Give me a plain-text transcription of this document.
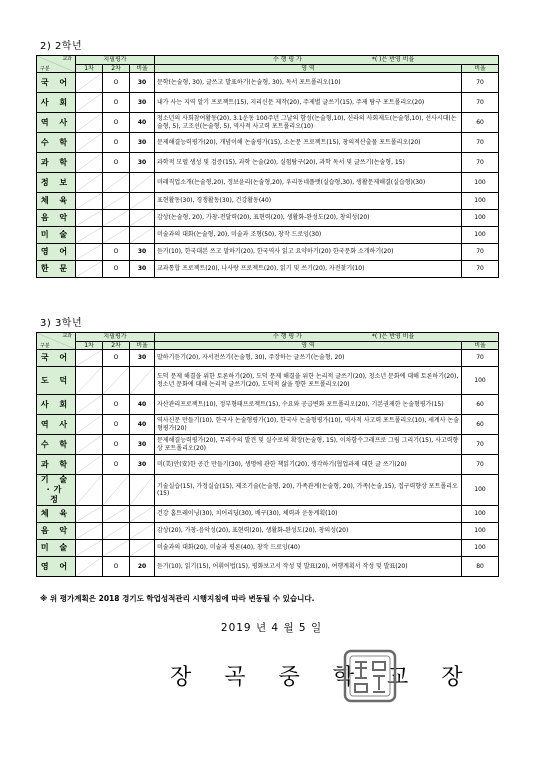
2) 2학년
교과
구분	지필평가			수 행 평 가 *( )은 반영 비율	
	1차	2차	비율	영 역	비율
국 어		O	30	문학(논술형, 30), 글쓰고 발표하기(논술형, 30), 독서 포트폴리오(10)	70
사 회		O	30	내가 사는 지역 알기 프로젝트(15), 지리신문 제작(20), 주제별 글쓰기(15), 주제 탐구 포트폴리오(20)	70
역 사		O	40	청소년의 사회참여활동(20), 3.1운동 100주년 그날의 함성(논술형,10), 신라의 사회제도(논술형,10), 선사시대(논술형, 5), 고조선(논술형, 5), 역사적 사고력 포트폴리오(10)	60
수 학		O	30	문제해결능력평가(20), 개념이해 논술평가(15), 소논문 프로젝트(15), 창의적산출물 포트폴리오(20)	70
과 학		O	30	과학적 모델 생성 및 검증(15), 과학 논술(20), 실험탐구(20), 과학 독서 및 글쓰기(논술형, 15)	70
정 보				미래직업소개(논술형,20), 정보윤리(논술형,20), 우리동네플랫(실습형,30), 생활문제해결(실습형)(30)	100
체 육				표현활동(30), 경쟁활동(30), 건강활동(40)	100
음 악				감상(논술형, 20), 가창-전달력(20), 표현력(20), 생활화-완성도(20), 창의성(20)	100
미 술				미술과의 대화(논술형, 20), 미술과 조형(50), 창작 드로잉(30)	100
영 어		O	30	듣기(10), 한국대본 쓰고 말하기(20), 한국역사 읽고 요약하기(20) 한국문화 소개하기(20)	70
한 문		O	30	교과통합 프로젝트(20), 나사랑 프로젝트(20), 읽기 및 쓰기(20), 자전찾기(10)	70
3) 3학년
교과
구분	지필평가			수 행 평 가 *( )은 반영 비율	
	1차	2차	비율	영 역	비율
국 어		O	30	말하기듣기(20), 자서전쓰기(논술형, 30), 주장하는 글쓰기(논술형, 20)	70
도 덕				도덕 문제 해결을 위한 토론하기(20), 도덕 문제 해결을 위한 논리적 글쓰기(20), 청소년 문화에 대해 토론하기(20), 청소년 문화에 대해 논리적 글쓰기(20), 도덕적 삶을 향한 포트폴리오(20)	100
사 회		O	40	자산관리프로젝트(10), 정부형태프로젝트(15), 수요와 공급변화 포트폴리오(20), 기본권제한 논술형평가(15)	60
역 사		O	40	역사신문 만들기(10), 한국사 논술형평가(10), 한국사 논술형평가(10), 역사적 사고력 포트폴리오(10), 세계사 논술형평가(20)	60
수 학		O	30	문제해결능력평가(20), 무리수의 발견 및 실수로의 확장(논술형, 15), 이차함수그래프로 그림 그리기(15), 사고력향상 포트폴리오(20)	70
과 학		O	30	미(美)안(安)한 공간 만들기(30), 생명에 관한 책읽기(20), 생각하기(협업과제 대한 글 쓰기(20)	70
기 술·가 정				기술실습(15), 가정실습(15), 제조기술(논술형, 20), 가족관계(논술형, 20), 가족(논술,15), 접구력향상 포트폴리오(15)	100
체 육				건강 홈트레이닝(30), 치어리딩(30), 배구(30), 체력과 운동계획(10)	100
음 악				감상(20), 가창-음악성(20), 표현력(20), 생활화-완성도(20), 창의성(20)	100
미 술				미술과의 대화(20), 미술과 평론(40), 창작 드로잉(40)	100
영 어		O	20	듣기(10), 읽기(15), 어휘어법(15), 평화보고서 작성 및 발표(20), 여행계획서 작성 및 발표(20)	80
※ 위 평가계획은 2018 경기도 학업성적관리 시행지침에 따라 변동될 수 있습니다.
2019 년 4 월 5 일
장 곡 중 학 교 장
